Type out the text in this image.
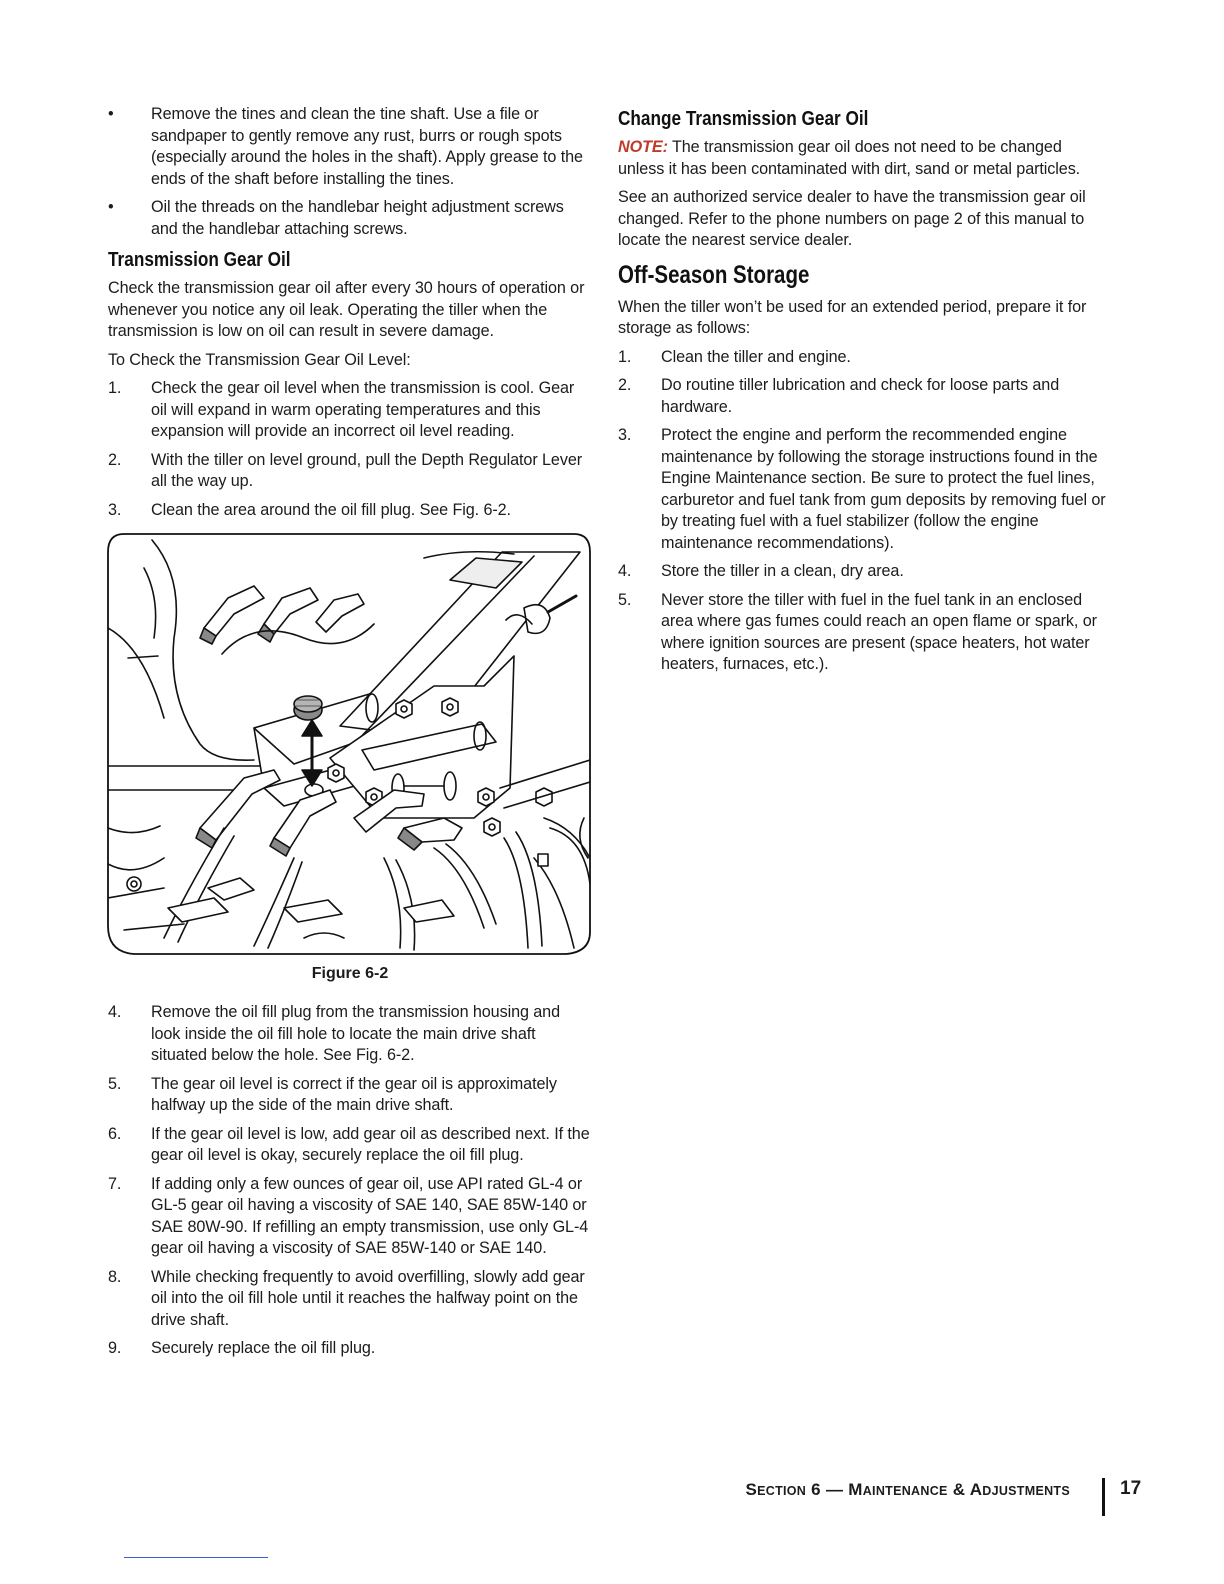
•	Remove the tines and clean the tine shaft. Use a file or sandpaper to gently remove any rust, burrs or rough spots (especially around the holes in the shaft). Apply grease to the ends of the shaft before installing the tines.
•	Oil the threads on the handlebar height adjustment screws and the handlebar attaching screws.
Transmission Gear Oil

Check the transmission gear oil after every 30 hours of operation or whenever you notice any oil leak. Operating the tiller when the transmission is low on oil can result in severe damage.

To Check the Transmission Gear Oil Level:

1.	Check the gear oil level when the transmission is cool. Gear oil will expand in warm operating temperatures and this expansion will provide an incorrect oil level reading.
2.	With the tiller on level ground, pull the Depth Regulator Lever all the way up.
3.	Clean the area around the oil fill plug. See Fig. 6-2.
Figure 6-2
4.	Remove the oil fill plug from the transmission housing and look inside the oil fill hole to locate the main drive shaft situated below the hole. See Fig. 6-2.
5.	The gear oil level is correct if the gear oil is approximately halfway up the side of the main drive shaft.
6.	If the gear oil level is low, add gear oil as described next. If the gear oil level is okay, securely replace the oil fill plug.
7.	If adding only a few ounces of gear oil, use API rated GL-4 or GL-5 gear oil having a viscosity of SAE 140, SAE 85W-140 or SAE 80W-90. If refilling an empty transmission, use only GL-4 gear oil having a viscosity of SAE 85W-140 or SAE 140.
8.	While checking frequently to avoid overfilling, slowly add gear oil into the oil fill hole until it reaches the halfway point on the drive shaft.
9.	Securely replace the oil fill plug.
Change Transmission Gear Oil

NOTE: The transmission gear oil does not need to be changed unless it has been contaminated with dirt, sand or metal particles.

See an authorized service dealer to have the transmission gear oil changed. Refer to the phone numbers on page 2 of this manual to locate the nearest service dealer.

Off-Season Storage

When the tiller won’t be used for an extended period, prepare it for storage as follows:

1.	Clean the tiller and engine.
2.	Do routine tiller lubrication and check for loose parts and hardware.
3.	Protect the engine and perform the recommended engine maintenance by following the storage instructions found in the Engine Maintenance section. Be sure to protect the fuel lines, carburetor and fuel tank from gum deposits by removing fuel or by treating fuel with a fuel stabilizer (follow the engine maintenance recommendations).
4.	Store the tiller in a clean, dry area.
5.	Never store the tiller with fuel in the fuel tank in an enclosed area where gas fumes could reach an open flame or spark, or where ignition sources are present (space heaters, hot water heaters, furnaces, etc.).
SECTION 6 — MAINTENANCE & ADJUSTMENTS	17
